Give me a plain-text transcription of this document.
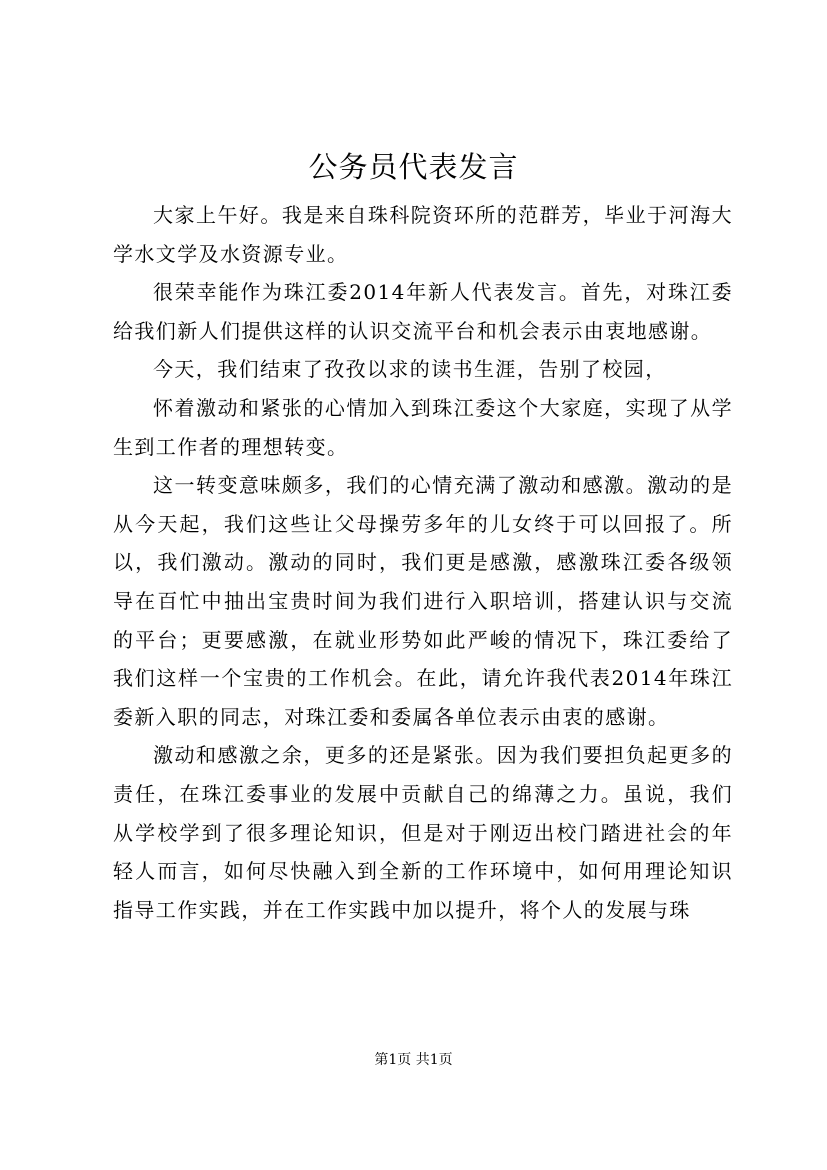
公务员代表发言

大家上午好。我是来自珠科院资环所的范群芳，毕业于河海大学水文学及水资源专业。

很荣幸能作为珠江委2014年新人代表发言。首先，对珠江委给我们新人们提供这样的认识交流平台和机会表示由衷地感谢。

今天，我们结束了孜孜以求的读书生涯，告别了校园，

怀着激动和紧张的心情加入到珠江委这个大家庭，实现了从学生到工作者的理想转变。

这一转变意味颇多，我们的心情充满了激动和感激。激动的是从今天起，我们这些让父母操劳多年的儿女终于可以回报了。所以，我们激动。激动的同时，我们更是感激，感激珠江委各级领导在百忙中抽出宝贵时间为我们进行入职培训，搭建认识与交流的平台；更要感激，在就业形势如此严峻的情况下，珠江委给了我们这样一个宝贵的工作机会。在此，请允许我代表2014年珠江委新入职的同志，对珠江委和委属各单位表示由衷的感谢。

激动和感激之余，更多的还是紧张。因为我们要担负起更多的责任，在珠江委事业的发展中贡献自己的绵薄之力。虽说，我们从学校学到了很多理论知识，但是对于刚迈出校门踏进社会的年轻人而言，如何尽快融入到全新的工作环境中，如何用理论知识指导工作实践，并在工作实践中加以提升，将个人的发展与珠

第1页 共1页
